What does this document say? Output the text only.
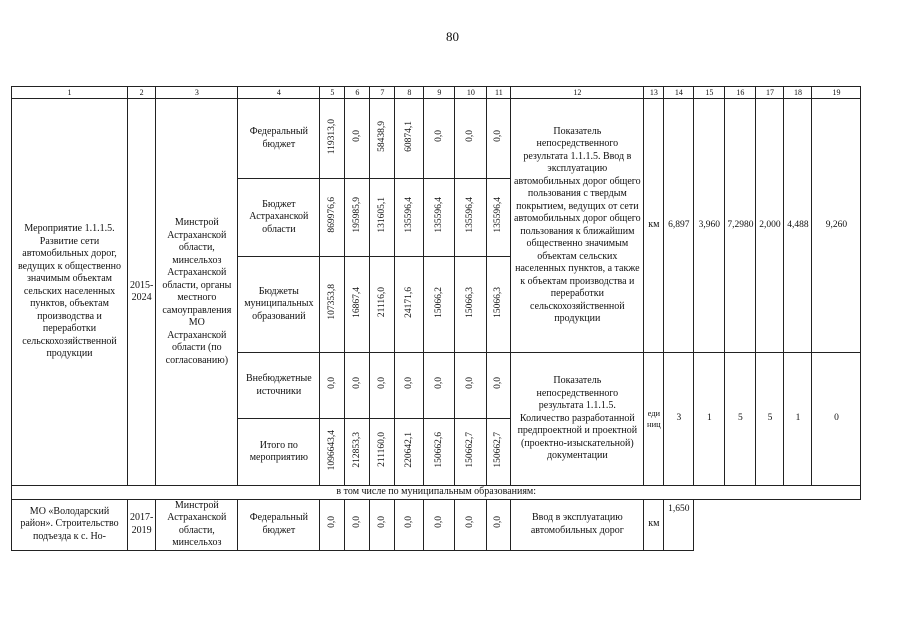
80
1	2	3	4	5	6	7	8	9	10	11	12	13	14	15	16	17	18	19
Мероприятие 1.1.1.5. Развитие сети автомобильных дорог, ведущих к общественно значимым объектам сельских населенных пунктов, объектам производства и переработки сельскохозяйственной продукции	2015-2024	Минстрой Астраханской области, минсельхоз Астраханской области, органы местного самоуправления МО Астраханской области (по согласованию)	Федеральный бюджет	119313,0	0,0	58438,9	60874,1	0,0	0,0	0,0	Показатель непосредственного результата 1.1.1.5. Ввод в эксплуатацию автомобильных дорог общего пользования с твердым покрытием, ведущих от сети автомобильных дорог общего пользования к ближайшим общественно значимым объектам сельских населенных пунктов, а также к объектам производства и переработки сельскохозяйственной продукции	км	6,897	3,960	7,2980	2,000	4,488	9,260
			Бюджет Астраханской области	869976,6	195985,9	131605,1	135596,4	135596,4	135596,4	135596,4								
			Бюджеты муниципальных образований	107353,8	16867,4	21116,0	24171,6	15066,2	15066,3	15066,3								
			Внебюджетные источники	0,0	0,0	0,0	0,0	0,0	0,0	0,0	Показатель непосредственного результата 1.1.1.5. Количество разработанной предпроектной и проектной (проектно-изыскательной) документации	единиц	3	1	5	5	1	0
			Итого по мероприятию	1096643,4	212853,3	211160,0	220642,1	150662,6	150662,7	150662,7								
в том числе по муниципальным образованиям:																		
МО «Володарский район». Строительство подъезда к с. Но-	2017-2019	Минстрой Астраханской области, минсельхоз	Федеральный бюджет	0,0	0,0	0,0	0,0	0,0	0,0	0,0	Ввод в эксплуатацию автомобильных дорог	км	1,650					
